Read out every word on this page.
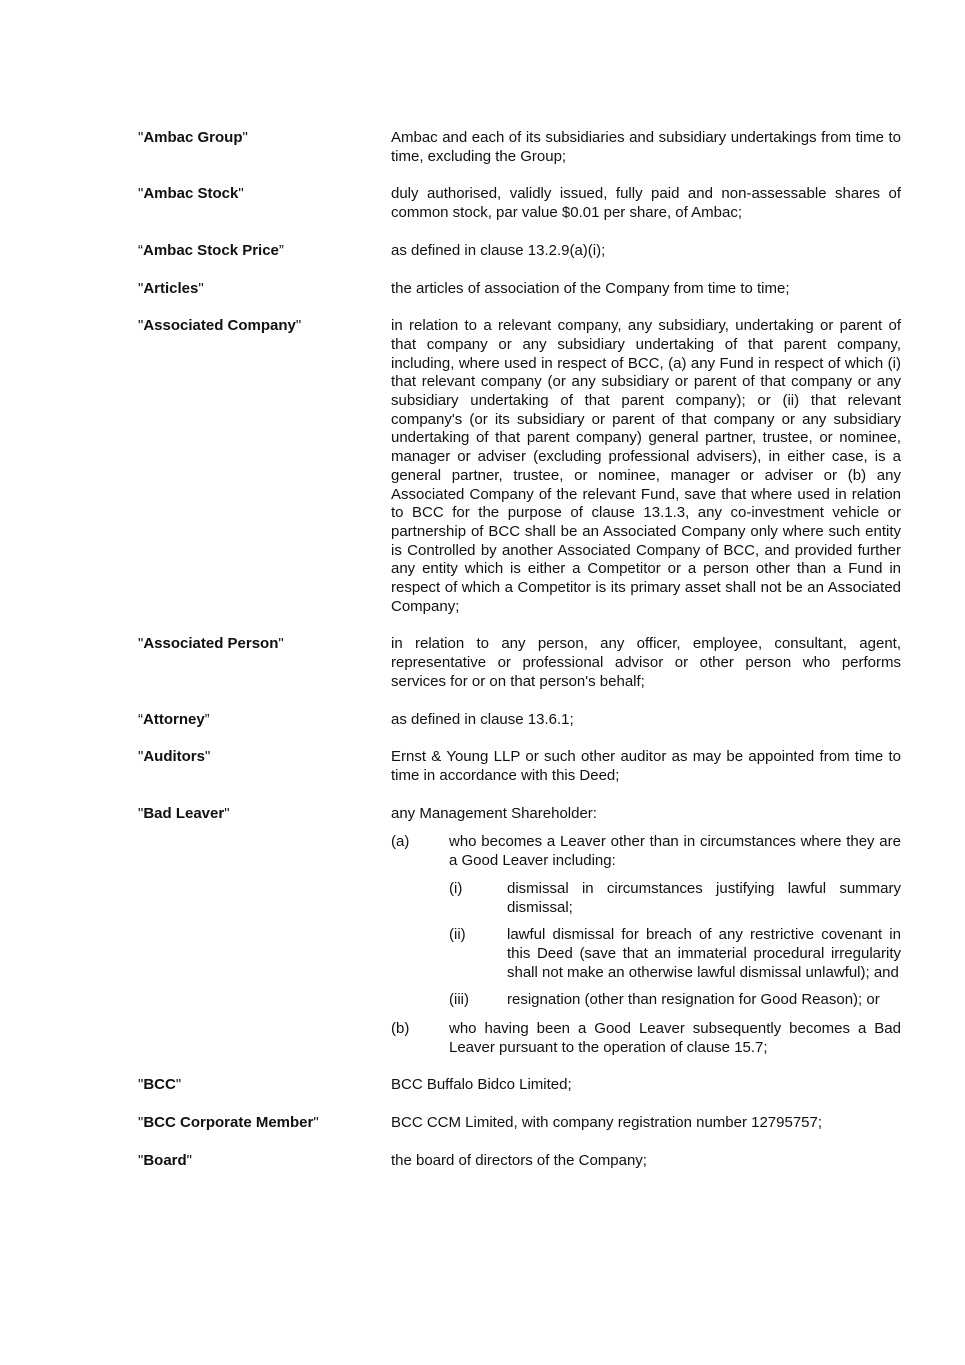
"Ambac Group"	Ambac and each of its subsidiaries and subsidiary undertakings from time to time, excluding the Group;
"Ambac Stock"	duly authorised, validly issued, fully paid and non-assessable shares of common stock, par value $0.01 per share, of Ambac;
“Ambac Stock Price”	as defined in clause 13.2.9(a)(i);
"Articles"	the articles of association of the Company from time to time;
"Associated Company"	in relation to a relevant company, any subsidiary, undertaking or parent of that company or any subsidiary undertaking of that parent company, including, where used in respect of BCC, (a) any Fund in respect of which (i) that relevant company (or any subsidiary or parent of that company or any subsidiary undertaking of that parent company); or (ii) that relevant company's (or its subsidiary or parent of that company or any subsidiary undertaking of that parent company) general partner, trustee, or nominee, manager or adviser (excluding professional advisers), in either case, is a general partner, trustee, or nominee, manager or adviser or (b) any Associated Company of the relevant Fund, save that where used in relation to BCC for the purpose of clause 13.1.3, any co-investment vehicle or partnership of BCC shall be an Associated Company only where such entity is Controlled by another Associated Company of BCC, and provided further any entity which is either a Competitor or a person other than a Fund in respect of which a Competitor is its primary asset shall not be an Associated Company;
"Associated Person"	in relation to any person, any officer, employee, consultant, agent, representative or professional advisor or other person who performs services for or on that person's behalf;
“Attorney”	as defined in clause 13.6.1;
"Auditors"	Ernst & Young LLP or such other auditor as may be appointed from time to time in accordance with this Deed;
"Bad Leaver"	any Management Shareholder:
(a)	who becomes a Leaver other than in circumstances where they are a Good Leaver including:
(i)	dismissal in circumstances justifying lawful summary dismissal;
(ii)	lawful dismissal for breach of any restrictive covenant in this Deed (save that an immaterial procedural irregularity shall not make an otherwise lawful dismissal unlawful); and
(iii)	resignation (other than resignation for Good Reason); or
(b)	who having been a Good Leaver subsequently becomes a Bad Leaver pursuant to the operation of clause 15.7;
"BCC"	BCC Buffalo Bidco Limited;
"BCC Corporate Member"	BCC CCM Limited, with company registration number 12795757;
"Board"	the board of directors of the Company;
